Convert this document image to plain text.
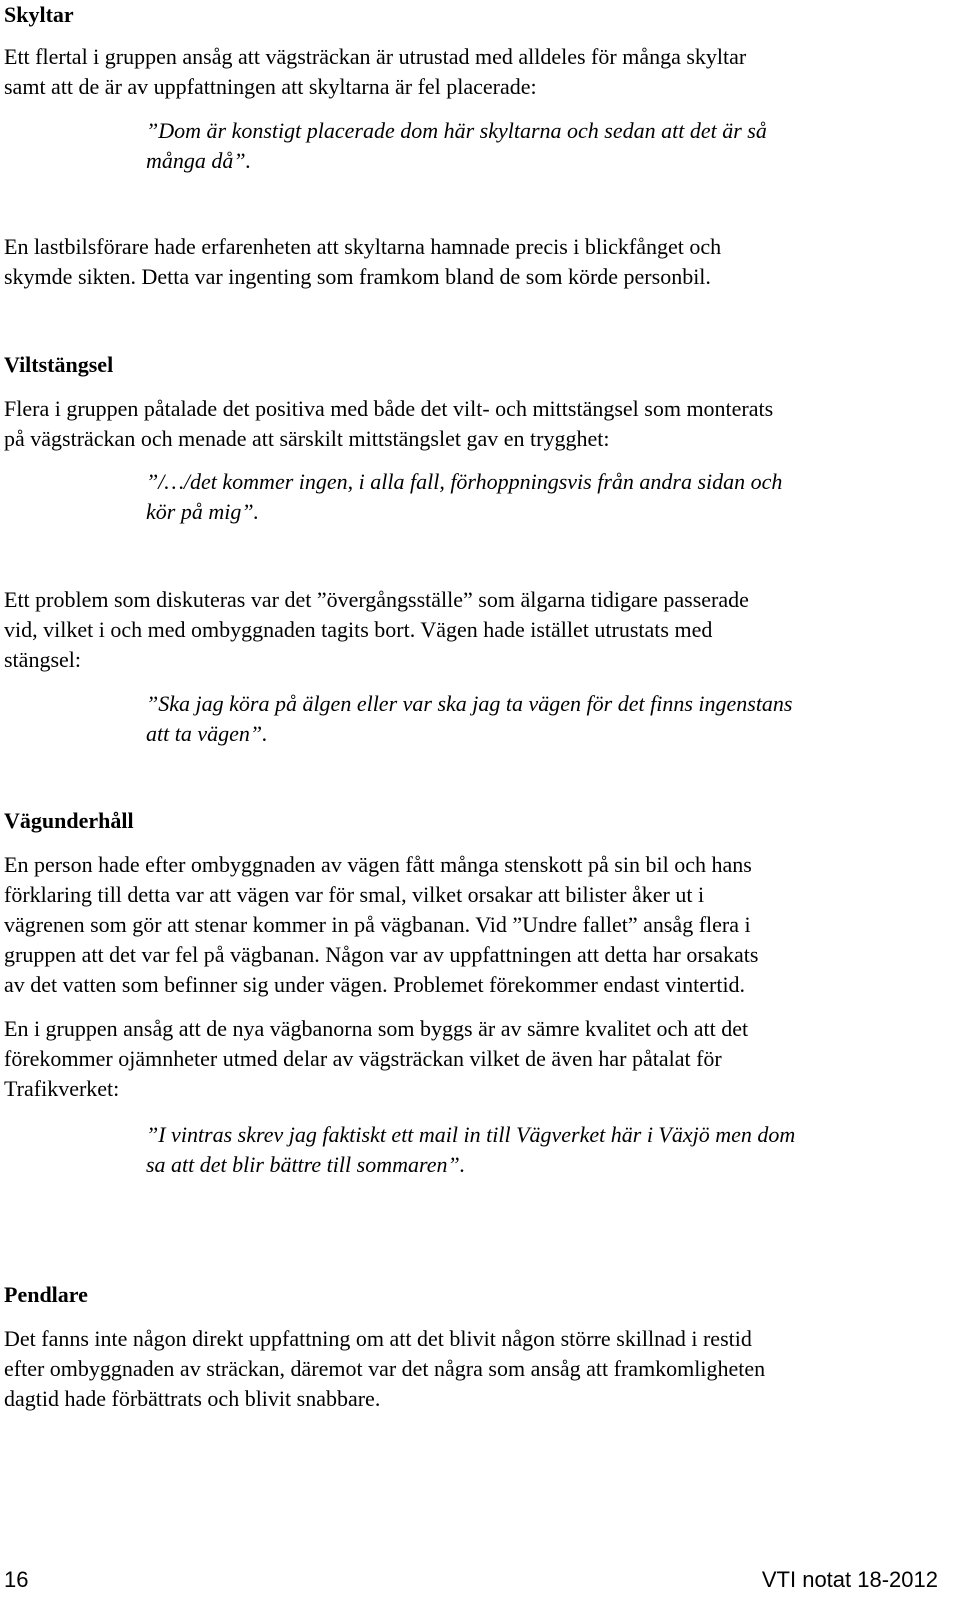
Skyltar
Ett flertal i gruppen ansåg att vägsträckan är utrustad med alldeles för många skyltar
samt att de är av uppfattningen att skyltarna är fel placerade:
”Dom är konstigt placerade dom här skyltarna och sedan att det är så
många då”.
En lastbilsförare hade erfarenheten att skyltarna hamnade precis i blickfånget och
skymde sikten. Detta var ingenting som framkom bland de som körde personbil.
Viltstängsel
Flera i gruppen påtalade det positiva med både det vilt- och mittstängsel som monterats
på vägsträckan och menade att särskilt mittstängslet gav en trygghet:
”/…/det kommer ingen, i alla fall, förhoppningsvis från andra sidan och
kör på mig”.
Ett problem som diskuteras var det ”övergångsställe” som älgarna tidigare passerade
vid, vilket i och med ombyggnaden tagits bort. Vägen hade istället utrustats med
stängsel:
”Ska jag köra på älgen eller var ska jag ta vägen för det finns ingenstans
att ta vägen”.
Vägunderhåll
En person hade efter ombyggnaden av vägen fått många stenskott på sin bil och hans
förklaring till detta var att vägen var för smal, vilket orsakar att bilister åker ut i
vägrenen som gör att stenar kommer in på vägbanan. Vid ”Undre fallet” ansåg flera i
gruppen att det var fel på vägbanan. Någon var av uppfattningen att detta har orsakats
av det vatten som befinner sig under vägen. Problemet förekommer endast vintertid.
En i gruppen ansåg att de nya vägbanorna som byggs är av sämre kvalitet och att det
förekommer ojämnheter utmed delar av vägsträckan vilket de även har påtalat för
Trafikverket:
”I vintras skrev jag faktiskt ett mail in till Vägverket här i Växjö men dom
sa att det blir bättre till sommaren”.
Pendlare
Det fanns inte någon direkt uppfattning om att det blivit någon större skillnad i restid
efter ombyggnaden av sträckan, däremot var det några som ansåg att framkomligheten
dagtid hade förbättrats och blivit snabbare.
16	VTI notat 18-2012
